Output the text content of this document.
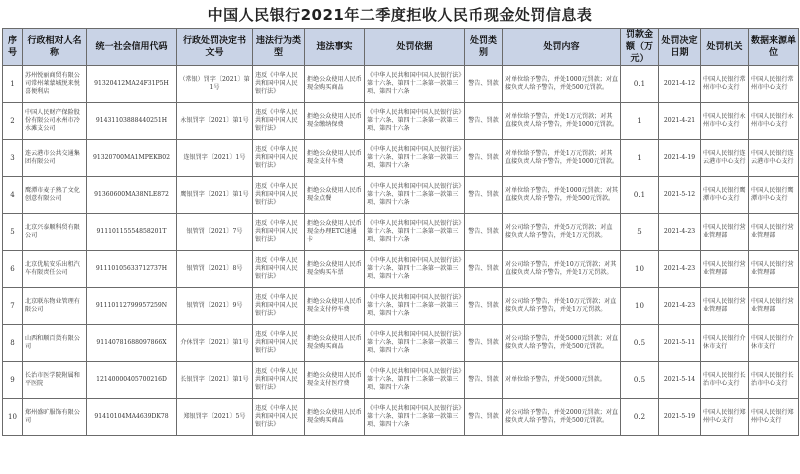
中国人民银行2021年二季度拒收人民币现金处罚信息表
序号	行政相对人名称	统一社会信用代码	行政处罚决定书文号	违法行为类型	违法事实	处罚依据	处罚类别	处罚内容	罚款金额（万元）	处罚决定日期	处罚机关	数据来源单位
1	苏州悦丽商贸有限公司常州莱蒙城悦来悦喜便利店	91320412MA24F31P5H	（常银）罚字〔2021〕第1号	违反《中华人民共和国中国人民银行法》	拒绝公众使用人民币现金购买商品	《中华人民共和国中国人民银行法》第十六条、第四十二条第一款第三项、第四十六条	警告、罚款	对单位给予警告，并处1000元罚款；对直接负责人给予警告，并处500元罚款。	0.1	2021-4-12	中国人民银行常州市中心支行	中国人民银行常州市中心支行
2	中国人民财产保险股份有限公司永州市冷水滩支公司	91431103888440251H	永银罚字〔2021〕第1号	违反《中华人民共和国中国人民银行法》	拒绝公众使用人民币现金缴纳保费	《中华人民共和国中国人民银行法》第十六条、第四十二条第一款第三项、第四十六条	警告、罚款	对单位给予警告，并处1万元罚款；对其直接负责人给予警告，并处1000元罚款。	1	2021-4-21	中国人民银行永州市中心支行	中国人民银行永州市中心支行
3	连云港市公共交通集团有限公司	91320700MA1MPEKB02	连银罚字〔2021〕1号	违反《中华人民共和国中国人民银行法》	拒绝公众使用人民币现金支付车费	《中华人民共和国中国人民银行法》第十六条、第四十二条第一款第三项、第四十六条	警告、罚款	对单位给予警告，并处1万元罚款；对其直接负责人给予警告，并处1000元罚款。	1	2021-4-19	中国人民银行连云港市中心支行	中国人民银行连云港市中心支行
4	鹰潭市麦子熟了文化创意有限公司	91360600MA38NLE872	鹰银罚字〔2021〕第1号	违反《中华人民共和国中国人民银行法》	拒绝公众使用人民币现金点餐	《中华人民共和国中国人民银行法》第十六条、第四十二条第一款第三项、第四十六条	警告、罚款	对单位给予警告，并处1000元罚款；对其直接负责人给予警告，并处500元罚款。	0.1	2021-5-12	中国人民银行鹰潭市中心支行	中国人民银行鹰潭市中心支行
5	北京兴泰顺科贸有限公司	91110115554858201T	银管罚〔2021〕7号	违反《中华人民共和国中国人民银行法》	拒绝公众使用人民币现金办理ETC速通卡	《中华人民共和国中国人民银行法》第十六条、第四十二条第一款第三项、第四十六条	警告、罚款	对公司给予警告，并处5万元罚款；对直接负责人给予警告，并处1万元罚款。	5	2021-4-23	中国人民银行营业管理部	中国人民银行营业管理部
6	北京优航安乐出租汽车有限责任公司	91110105633712737H	银管罚〔2021〕8号	违反《中华人民共和国中国人民银行法》	拒绝公众使用人民币现金购买车票	《中华人民共和国中国人民银行法》第十六条、第四十二条第一款第三项、第四十六条	警告、罚款	对公司给予警告，并处10万元罚款；对其直接负责人给予警告，并处1万元罚款。	10	2021-4-23	中国人民银行营业管理部	中国人民银行营业管理部
7	北京联东物业管理有限公司	91110112799957259N	银管罚〔2021〕9号	违反《中华人民共和国中国人民银行法》	拒绝公众使用人民币现金支付停车费	《中华人民共和国中国人民银行法》第十六条、第四十二条第一款第三项、第四十六条	警告、罚款	对公司给予警告，并处10万元罚款；对直接负责人给予警告，并处1万元罚款。	10	2021-4-23	中国人民银行营业管理部	中国人民银行营业管理部
8	山西和顺百货有限公司	91140781688097866X	介休罚字〔2021〕第1号	违反《中华人民共和国中国人民银行法》	拒绝公众使用人民币现金购买商品	《中华人民共和国中国人民银行法》第十六条、第四十二条第一款第三项、第四十六条	警告、罚款	对公司给予警告，并处5000元罚款；对直接负责人给予警告，并处500元罚款。	0.5	2021-5-11	中国人民银行介休市支行	中国人民银行介休市支行
9	长治市医学院附属和平医院	12140000405700216D	长银罚字〔2021〕第1号	违反《中华人民共和国中国人民银行法》	拒绝公众使用人民币现金支付医疗费	《中华人民共和国中国人民银行法》第十六条、第四十二条第一款第三项、第四十六条	警告、罚款	对单位给予警告，并处5000元罚款。	0.5	2021-5-14	中国人民银行长治市中心支行	中国人民银行长治市中心支行
10	郑州盛旷服饰有限公司	91410104MA4639DK78	郑银罚字〔2021〕5号	违反《中华人民共和国中国人民银行法》	拒绝公众使用人民币现金购买商品	《中华人民共和国中国人民银行法》第十六条、第四十二条第一款第三项、第四十六条	警告、罚款	对公司给予警告，并处2000元罚款；对直接负责人给予警告，并处500元罚款。	0.2	2021-5-19	中国人民银行郑州中心支行	中国人民银行郑州中心支行
